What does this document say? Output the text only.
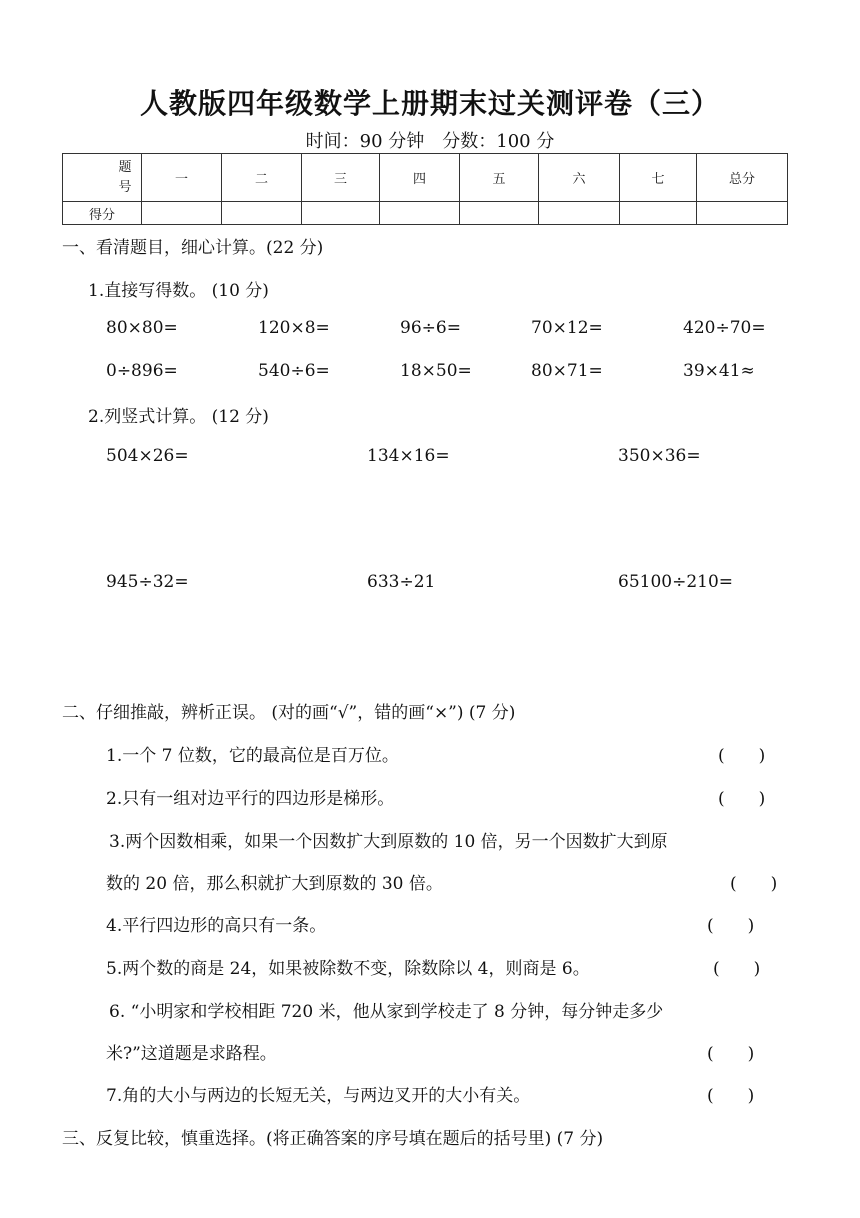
人教版四年级数学上册期末过关测评卷（三）
时间：90 分钟　分数：100 分
题号	一	二	三	四	五	六	七	总分
得分								
一、看清题目，细心计算。(22 分)
1.直接写得数。 (10 分)
80×80=	120×8=	96÷6=	70×12=	420÷70=
0÷896=	540÷6=	18×50=	80×71=	39×41≈
2.列竖式计算。 (12 分)
504×26=	134×16=	350×36=
945÷32=	633÷21	65100÷210=
二、仔细推敲，辨析正误。 (对的画“√”，错的画“×”) (7 分)
1.一个 7 位数，它的最高位是百万位。	(　　)
2.只有一组对边平行的四边形是梯形。	(　　)
3.两个因数相乘，如果一个因数扩大到原数的 10 倍，另一个因数扩大到原
数的 20 倍，那么积就扩大到原数的 30 倍。	(　　)
4.平行四边形的高只有一条。	(　　)
5.两个数的商是 24，如果被除数不变，除数除以 4，则商是 6。	(　　)
6. “小明家和学校相距 720 米，他从家到学校走了 8 分钟，每分钟走多少
米?”这道题是求路程。	(　　)
7.角的大小与两边的长短无关，与两边叉开的大小有关。	(　　)
三、反复比较，慎重选择。(将正确答案的序号填在题后的括号里) (7 分)
